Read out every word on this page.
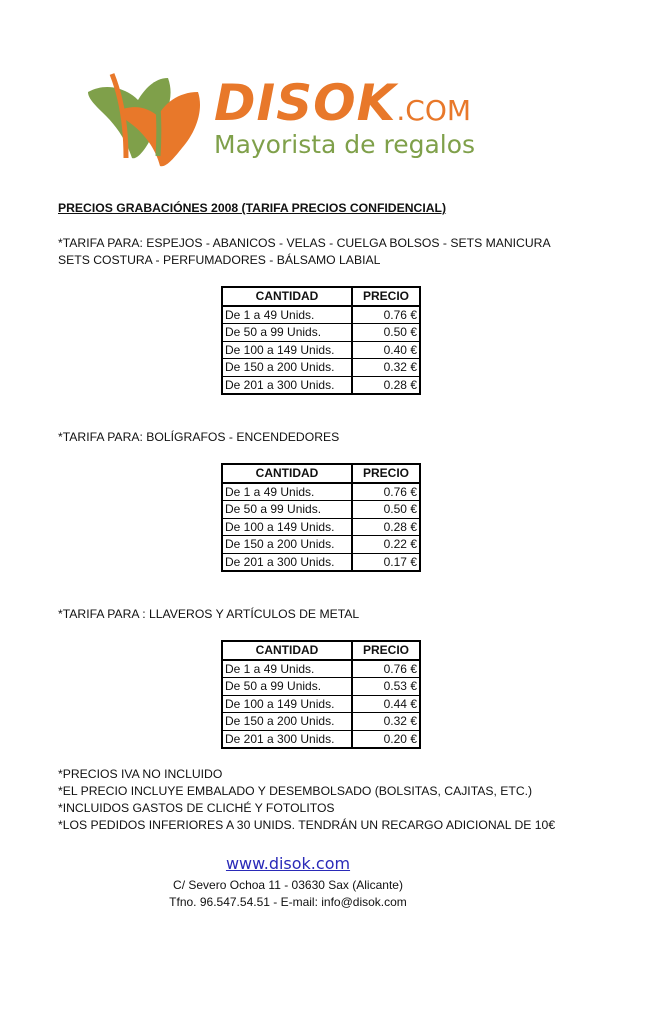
DISOK.COM
Mayorista de regalos
PRECIOS GRABACIÓNES 2008 (TARIFA PRECIOS CONFIDENCIAL)
*TARIFA PARA: ESPEJOS - ABANICOS - VELAS - CUELGA BOLSOS - SETS MANICURA
SETS COSTURA - PERFUMADORES - BÁLSAMO LABIAL
CANTIDAD	PRECIO
De 1 a 49 Unids.	0.76 €
De 50 a 99 Unids.	0.50 €
De 100 a 149 Unids.	0.40 €
De 150 a 200 Unids.	0.32 €
De 201 a 300 Unids.	0.28 €
*TARIFA PARA: BOLÍGRAFOS - ENCENDEDORES
CANTIDAD	PRECIO
De 1 a 49 Unids.	0.76 €
De 50 a 99 Unids.	0.50 €
De 100 a 149 Unids.	0.28 €
De 150 a 200 Unids.	0.22 €
De 201 a 300 Unids.	0.17 €
*TARIFA PARA : LLAVEROS Y ARTÍCULOS DE METAL
CANTIDAD	PRECIO
De 1 a 49 Unids.	0.76 €
De 50 a 99 Unids.	0.53 €
De 100 a 149 Unids.	0.44 €
De 150 a 200 Unids.	0.32 €
De 201 a 300 Unids.	0.20 €
*PRECIOS IVA NO INCLUIDO
*EL PRECIO INCLUYE EMBALADO Y DESEMBOLSADO (BOLSITAS, CAJITAS, ETC.)
*INCLUIDOS GASTOS DE CLICHÉ Y FOTOLITOS
*LOS PEDIDOS INFERIORES A 30 UNIDS. TENDRÁN UN RECARGO ADICIONAL DE 10€
www.disok.com
C/ Severo Ochoa 11 - 03630 Sax (Alicante)
Tfno. 96.547.54.51 - E-mail: info@disok.com
